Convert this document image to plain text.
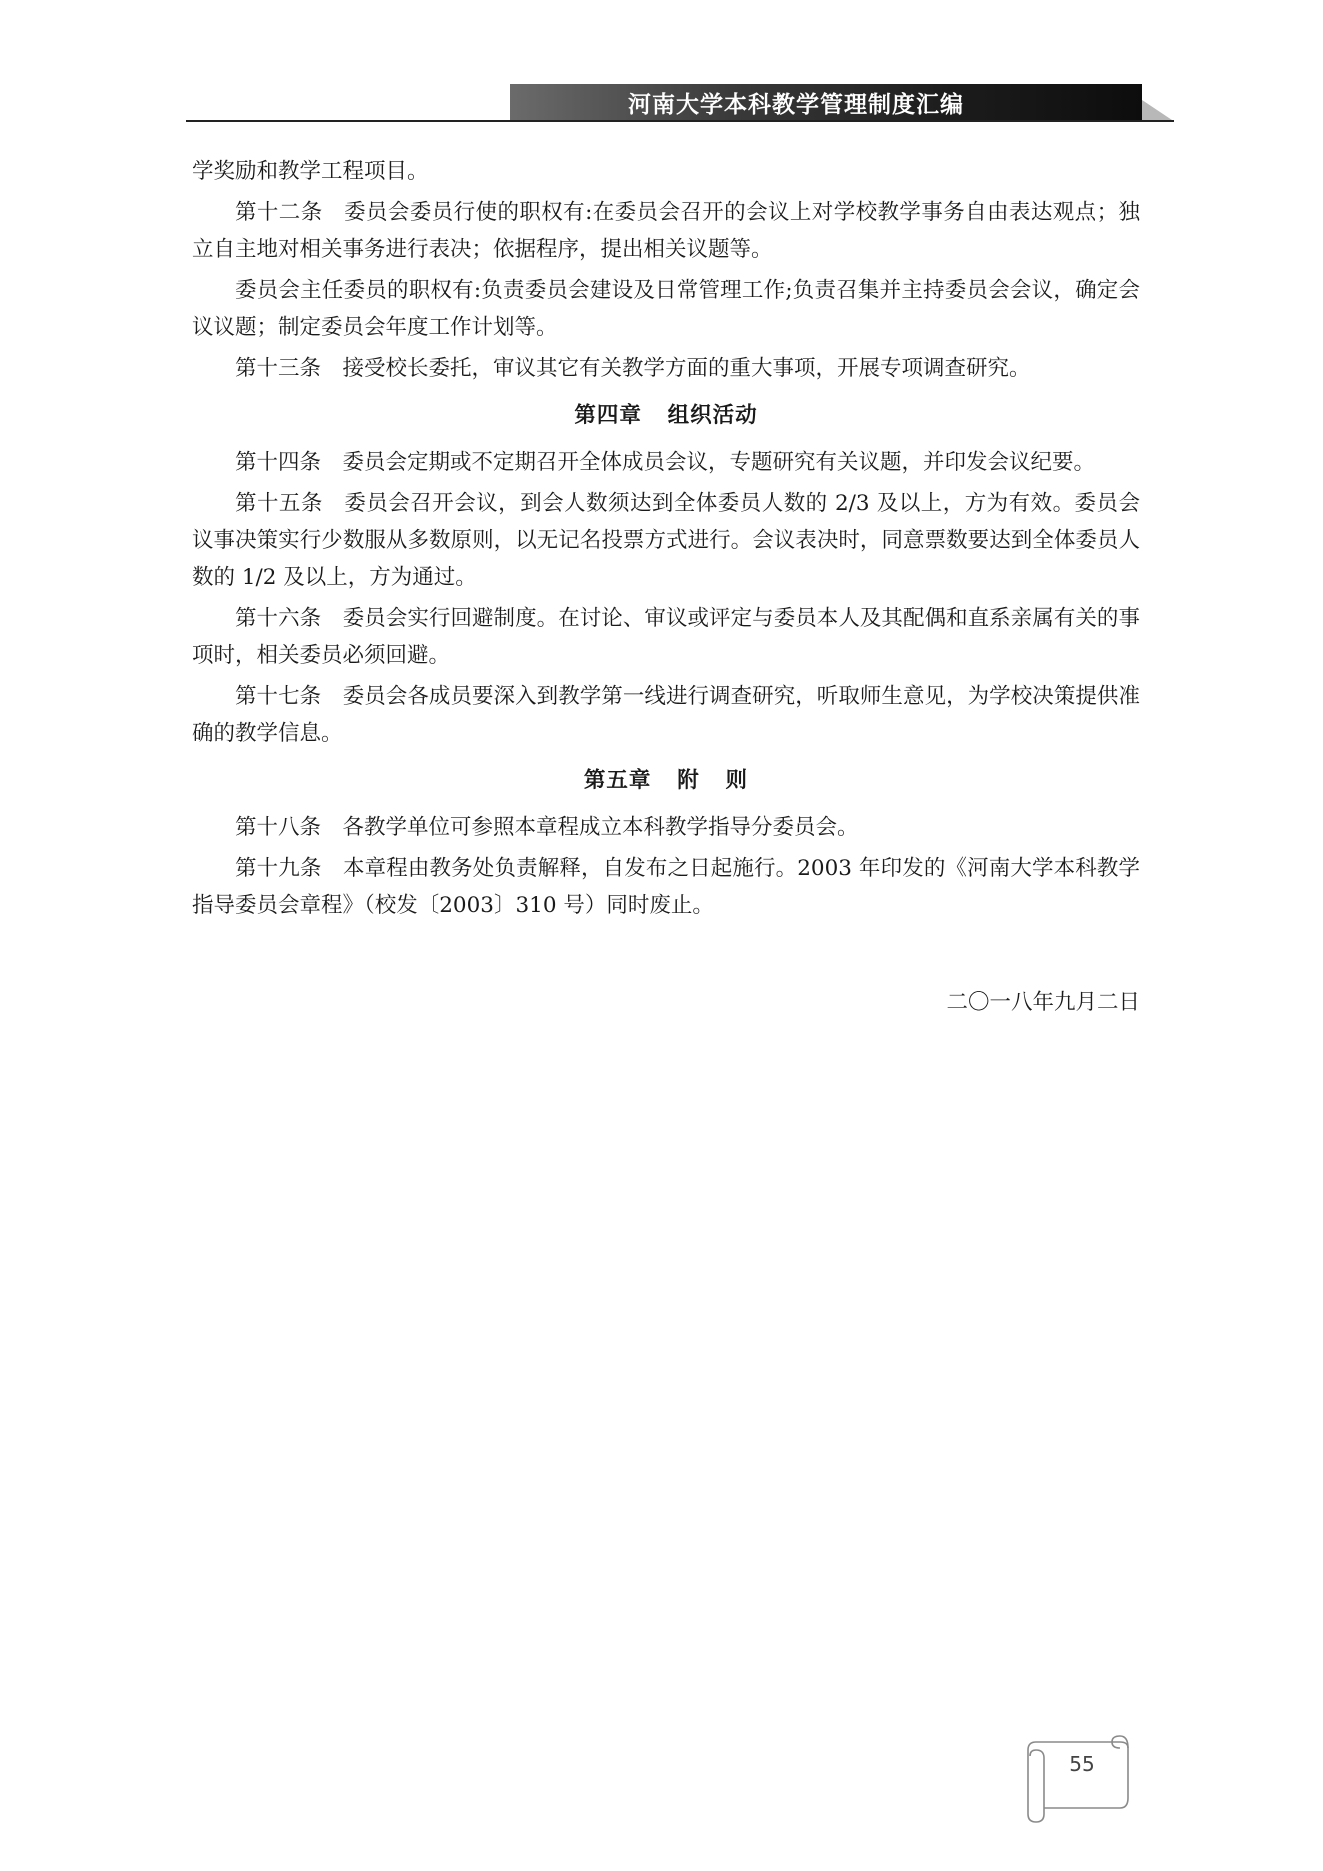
河南大学本科教学管理制度汇编

学奖励和教学工程项目。

第十二条 委员会委员行使的职权有:在委员会召开的会议上对学校教学事务自由表达观点；独立自主地对相关事务进行表决；依据程序，提出相关议题等。

委员会主任委员的职权有:负责委员会建设及日常管理工作;负责召集并主持委员会会议，确定会议议题；制定委员会年度工作计划等。

第十三条 接受校长委托，审议其它有关教学方面的重大事项，开展专项调查研究。

第四章 组织活动

第十四条 委员会定期或不定期召开全体成员会议，专题研究有关议题，并印发会议纪要。

第十五条 委员会召开会议，到会人数须达到全体委员人数的 2/3 及以上，方为有效。委员会议事决策实行少数服从多数原则，以无记名投票方式进行。会议表决时，同意票数要达到全体委员人数的 1/2 及以上，方为通过。

第十六条 委员会实行回避制度。在讨论、审议或评定与委员本人及其配偶和直系亲属有关的事项时，相关委员必须回避。

第十七条 委员会各成员要深入到教学第一线进行调查研究，听取师生意见，为学校决策提供准确的教学信息。

第五章 附 则

第十八条 各教学单位可参照本章程成立本科教学指导分委员会。

第十九条 本章程由教务处负责解释，自发布之日起施行。2003 年印发的《河南大学本科教学指导委员会章程》（校发〔2003〕310 号）同时废止。

二〇一八年九月二日

55
